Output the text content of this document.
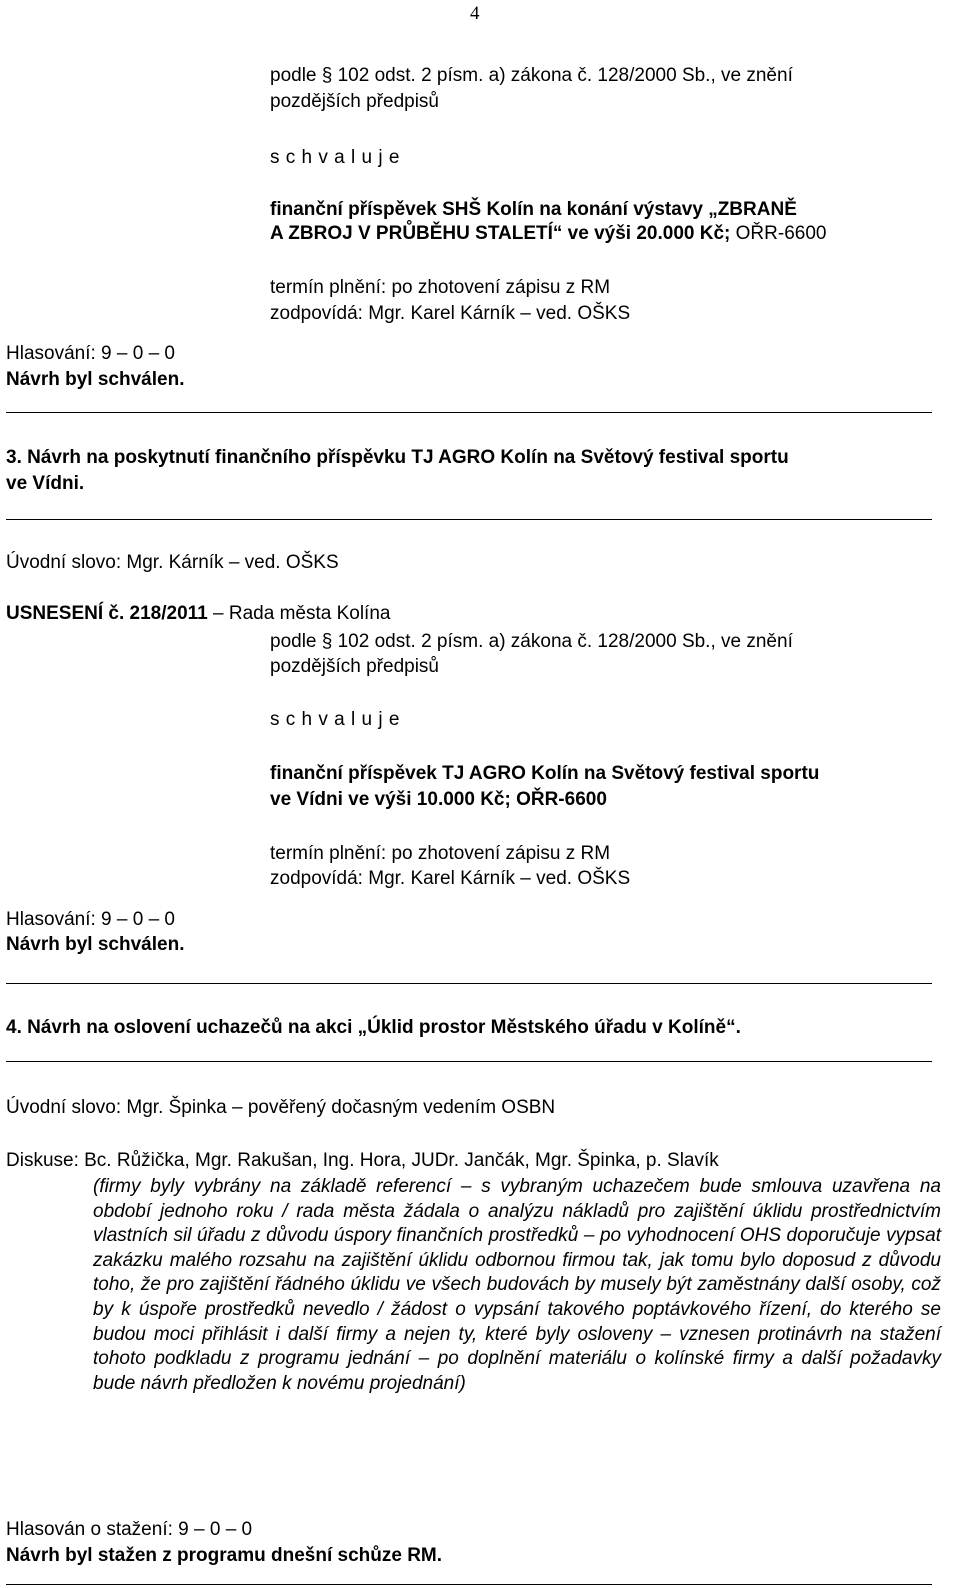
4
podle § 102 odst. 2 písm. a) zákona č. 128/2000 Sb., ve znění
pozdějších předpisů
s c h v a l u j e
finanční příspěvek SHŠ Kolín na konání výstavy „ZBRANĚ
A ZBROJ V PRŮBĚHU STALETÍ“ ve výši 20.000 Kč; OŘR-6600
termín plnění: po zhotovení zápisu z RM
zodpovídá: Mgr. Karel Kárník – ved. OŠKS
Hlasování: 9 – 0 – 0
Návrh byl schválen.
3. Návrh na poskytnutí finančního příspěvku TJ AGRO Kolín na Světový festival sportu
ve Vídni.
Úvodní slovo: Mgr. Kárník – ved. OŠKS
USNESENÍ č. 218/2011 – Rada města Kolína
podle § 102 odst. 2 písm. a) zákona č. 128/2000 Sb., ve znění
pozdějších předpisů
s c h v a l u j e
finanční příspěvek TJ AGRO Kolín na Světový festival sportu
ve Vídni ve výši 10.000 Kč; OŘR-6600
termín plnění: po zhotovení zápisu z RM
zodpovídá: Mgr. Karel Kárník – ved. OŠKS
Hlasování: 9 – 0 – 0
Návrh byl schválen.
4. Návrh na oslovení uchazečů na akci „Úklid prostor Městského úřadu v Kolíně“.
Úvodní slovo: Mgr. Špinka – pověřený dočasným vedením OSBN
Diskuse: Bc. Růžička, Mgr. Rakušan, Ing. Hora, JUDr. Jančák, Mgr. Špinka, p. Slavík
(firmy byly vybrány na základě referencí – s vybraným uchazečem bude smlouva uzavřena na období jednoho roku / rada města žádala o analýzu nákladů pro zajištění úklidu prostřednictvím vlastních sil úřadu z důvodu úspory finančních prostředků – po vyhodnocení OHS doporučuje vypsat zakázku malého rozsahu na zajištění úklidu odbornou firmou tak, jak tomu bylo doposud z důvodu toho, že pro zajištění řádného úklidu ve všech budovách by musely být zaměstnány další osoby, což by k úspoře prostředků nevedlo / žádost o vypsání takového poptávkového řízení, do kterého se budou moci přihlásit i další firmy a nejen ty, které byly osloveny – vznesen protinávrh na stažení tohoto podkladu z programu jednání – po doplnění materiálu o kolínské firmy a další požadavky bude návrh předložen k novému projednání)
Hlasován o stažení: 9 – 0 – 0
Návrh byl stažen z programu dnešní schůze RM.
